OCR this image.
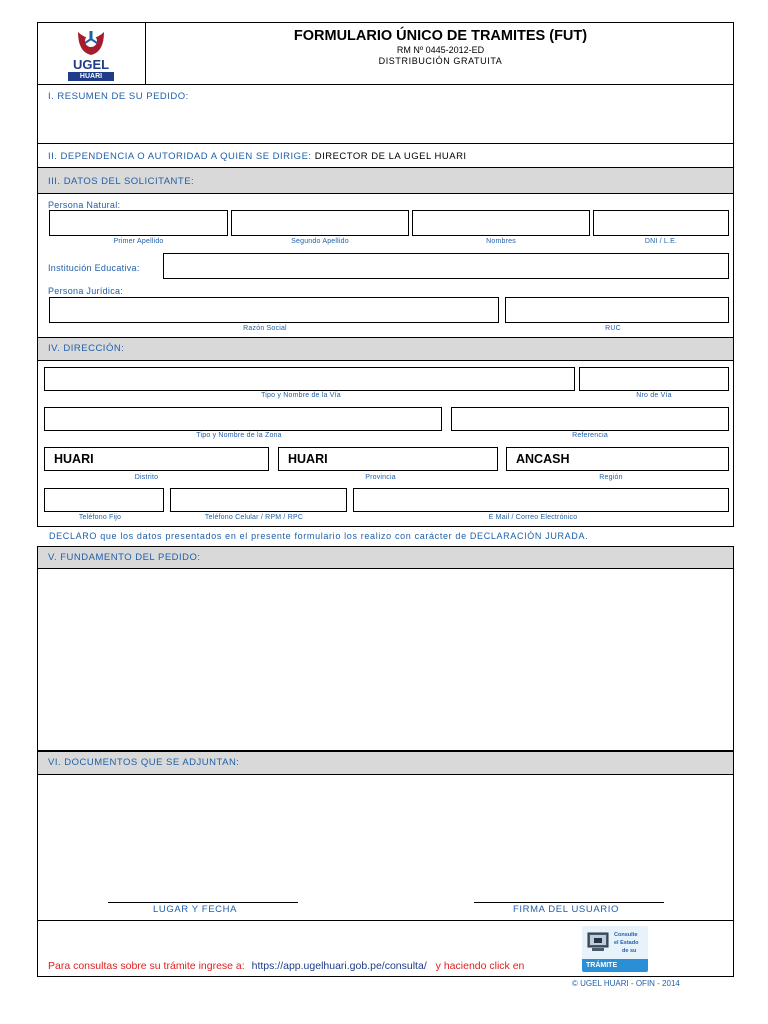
UGEL
HUARI
FORMULARIO ÚNICO DE TRAMITES (FUT)
RM Nº 0445-2012-ED
DISTRIBUCIÓN GRATUITA
I. RESUMEN DE SU PEDIDO:
II. DEPENDENCIA O AUTORIDAD A QUIEN SE DIRIGE: DIRECTOR DE LA UGEL HUARI
III. DATOS DEL SOLICITANTE:
Persona Natural:
Primer Apellido	Segundo Apellido	Nombres	DNI / L.E.
Institución Educativa:
Persona Jurídica:
Razón Social	RUC
IV. DIRECCIÓN:
Tipo y Nombre de la Vía	Nro de Vía
Tipo y Nombre de la Zona	Referencia
HUARI	HUARI	ANCASH
Distrito	Provincia	Región
Teléfono Fijo	Teléfono Celular / RPM / RPC	E Mail / Correo Electrónico
DECLARO que los datos presentados en el presente formulario los realizo con carácter de DECLARACIÓN JURADA.
V. FUNDAMENTO DEL PEDIDO:
VI. DOCUMENTOS QUE SE ADJUNTAN:
LUGAR Y FECHA	FIRMA DEL USUARIO
Para consultas sobre su trámite ingrese a: https://app.ugelhuari.gob.pe/consulta/ y haciendo click en
Consulte
el Estado
de su
TRÁMITE
© UGEL HUARI - OFIN - 2014
